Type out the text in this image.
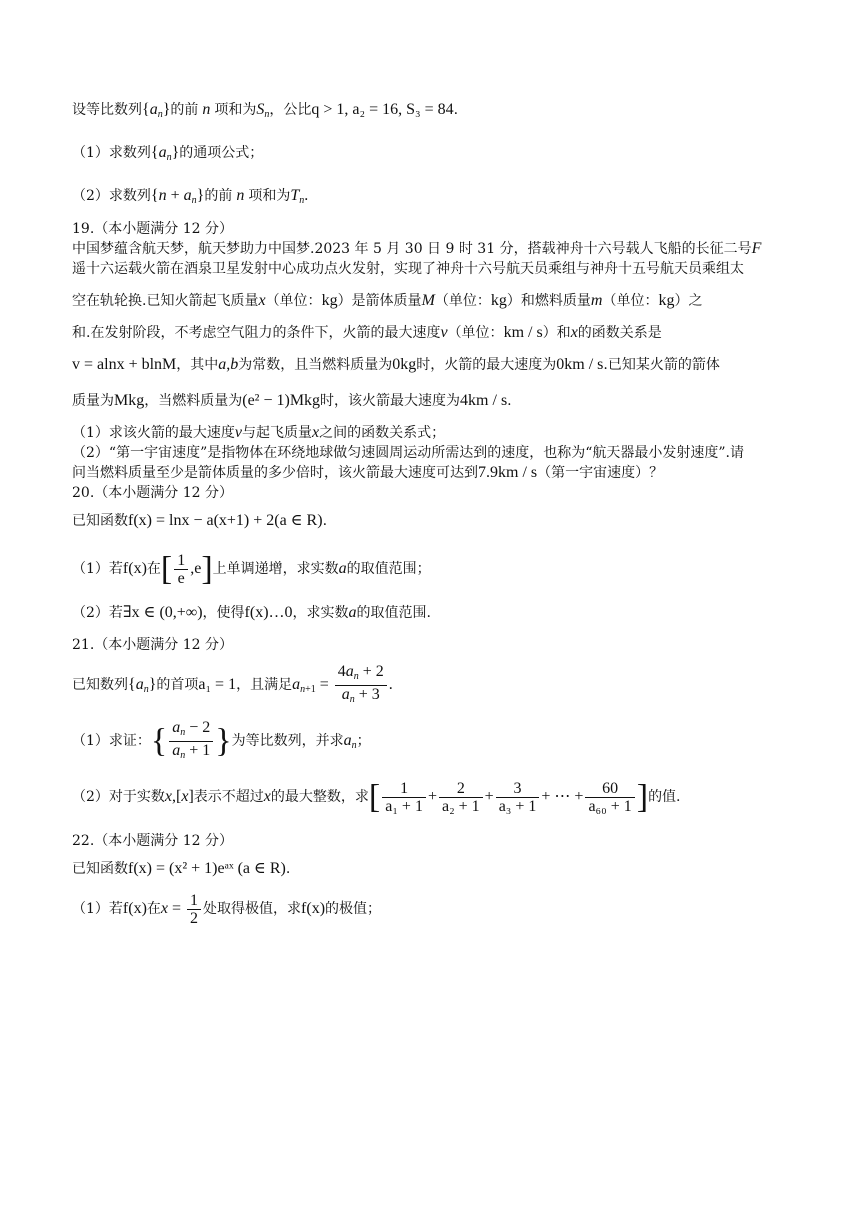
设等比数列$\{a_n\}$的前 n 项和为$S_n$，公比q > 1, a₂ = 16, S₃ = 84.
（1）求数列$\{a_n\}$的通项公式；
（2）求数列$\{n + a_n\}$的前 n 项和为$T_n$.
19.（本小题满分 12 分）
中国梦蕴含航天梦，航天梦助力中国梦.2023 年 5 月 30 日 9 时 31 分，搭载神舟十六号载人飞船的长征二号F
遥十六运载火箭在酒泉卫星发射中心成功点火发射，实现了神舟十六号航天员乘组与神舟十五号航天员乘组太
空在轨轮换.已知火箭起飞质量x（单位：kg）是箭体质量M（单位：kg）和燃料质量m（单位：kg）之
和.在发射阶段，不考虑空气阻力的条件下，火箭的最大速度v（单位：km / s）和x的函数关系是
v = alnx + blnM，其中a,b为常数，且当燃料质量为0kg时，火箭的最大速度为0km / s.已知某火箭的箭体
质量为Mkg，当燃料质量为(e² − 1)Mkg时，该火箭最大速度为4km / s.
（1）求该火箭的最大速度v与起飞质量x之间的函数关系式；
（2）“第一宇宙速度”是指物体在环绕地球做匀速圆周运动所需达到的速度，也称为“航天器最小发射速度”.请
问当燃料质量至少是箭体质量的多少倍时，该火箭最大速度可达到7.9km / s（第一宇宙速度）？
20.（本小题满分 12 分）
已知函数f(x) = lnx − a(x+1) + 2(a ∈ R).
（1）若f(x)在[ $\frac{1}{e} ,e$]上单调递增，求实数a的取值范围；
（2）若∃x ∈ (0,+∞)，使得f(x)…0，求实数a的取值范围.
21.（本小题满分 12 分）
已知数列$\{a_n\}$的首项a₁ = 1，且满足$a_{n+1} = \frac{4a_n + 2}{a_n + 3}$ .
（1）求证：{ $\frac{a_n - 2}{a_n + 1}$ }为等比数列，并求$a_n$；
（2）对于实数x,[x]表示不超过x的最大整数，求[ $\frac{1}{\text{a₁ + 1}} + \frac{2}{\text{a₂ + 1}} + \frac{3}{\text{a₃ + 1}}$ + ⋯ + $\frac{60}{\text{a₆₀ + 1}}$ ]的值.
22.（本小题满分 12 分）
已知函数f(x) = (x² + 1)eᵃˣ (a ∈ R).
（1）若f(x)在$x = \frac{1}{2}$ 处取得极值，求f(x)的极值；
